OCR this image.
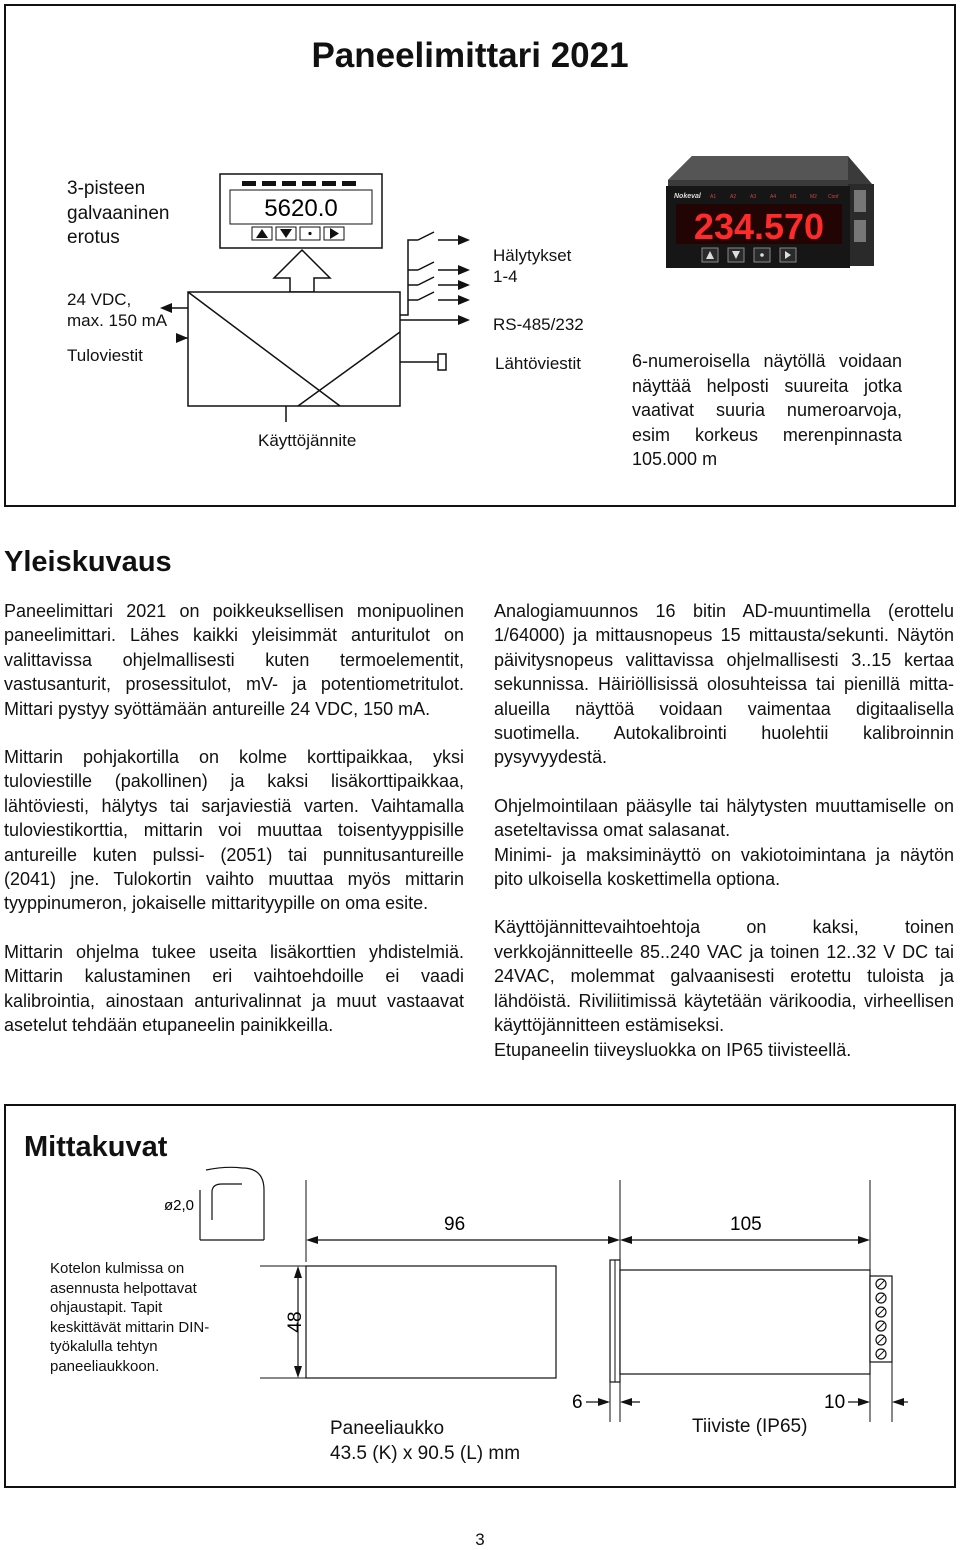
Paneelimittari 2021
3-pisteen
galvaaninen
erotus
24 VDC,
max. 150 mA
Tuloviestit
Käyttöjännite
Hälytykset
1-4
RS-485/232
Lähtöviestit
5620.0	Nokeval A1	A2	A3	A4	M1	M2 Conf
234.570
6-numeroisella näytöllä voidaan näyttää helposti suureita jotka vaativat suuria numeroarvoja, esim korkeus merenpinnasta 105.000 m
Yleiskuvaus

Paneelimittari 2021 on poikkeuksellisen monipuolinen paneelimittari. Lähes kaikki yleisimmät anturitulot on valittavissa ohjelmallisesti kuten termoelementit, vastusanturit, prosessitulot, mV- ja potentiometritulot. Mittari pystyy syöttämään antureille 24 VDC, 150 mA.

Mittarin pohjakortilla on kolme korttipaikkaa, yksi tuloviestille (pakollinen) ja kaksi lisäkorttipaikkaa, lähtöviesti, hälytys tai sarjaviestiä varten. Vaihtamalla tuloviestikorttia, mittarin voi muuttaa toisentyyppisille antureille kuten pulssi- (2051) tai punnitusantureille (2041) jne. Tulokortin vaihto muuttaa myös mittarin tyyppinumeron, jokaiselle mittarityypille on oma esite.

Mittarin ohjelma tukee useita lisäkorttien yhdistelmiä. Mittarin kalustaminen eri vaihtoehdoille ei vaadi kalibrointia, ainostaan anturivalinnat ja muut vastaavat asetelut tehdään etupaneelin painikkeilla.

Analogiamuunnos 16 bitin AD-muuntimella (erottelu 1/64000) ja mittausnopeus 15 mittausta/sekunti. Näytön päivitysnopeus valittavissa ohjelmallisesti 3..15 kertaa sekunnissa. Häiriöllisissä olosuhteissa tai pienillä mitta-alueilla näyttöä voidaan vaimentaa digitaalisella suotimella. Autokalibrointi huolehtii kalibroinnin pysyvyydestä.

Ohjelmointilaan pääsylle tai hälytysten muuttamiselle on aseteltavissa omat salasanat.
Minimi- ja maksiminäyttö on vakiotoimintana ja näytön pito ulkoisella koskettimella optiona.

Käyttöjännittevaihtoehtoja on kaksi, toinen verkkojännitteelle 85..240 VAC ja toinen 12..32 V DC tai 24VAC, molemmat galvaanisesti erotettu tuloista ja lähdöistä. Riviliitimissä käytetään värikoodia, virheellisen käyttöjännitteen estämiseksi.
Etupaneelin tiiveysluokka on IP65 tiivisteellä.

Mittakuvat
Kotelon kulmissa on asennusta helpottavat ohjaustapit. Tapit keskittävät mittarin DIN-työkalulla tehtyn paneeliaukkoon.
ø2,0
96	105
48
6	10
Paneeliaukko
43.5 (K) x 90.5 (L) mm
Tiiviste (IP65)
3
